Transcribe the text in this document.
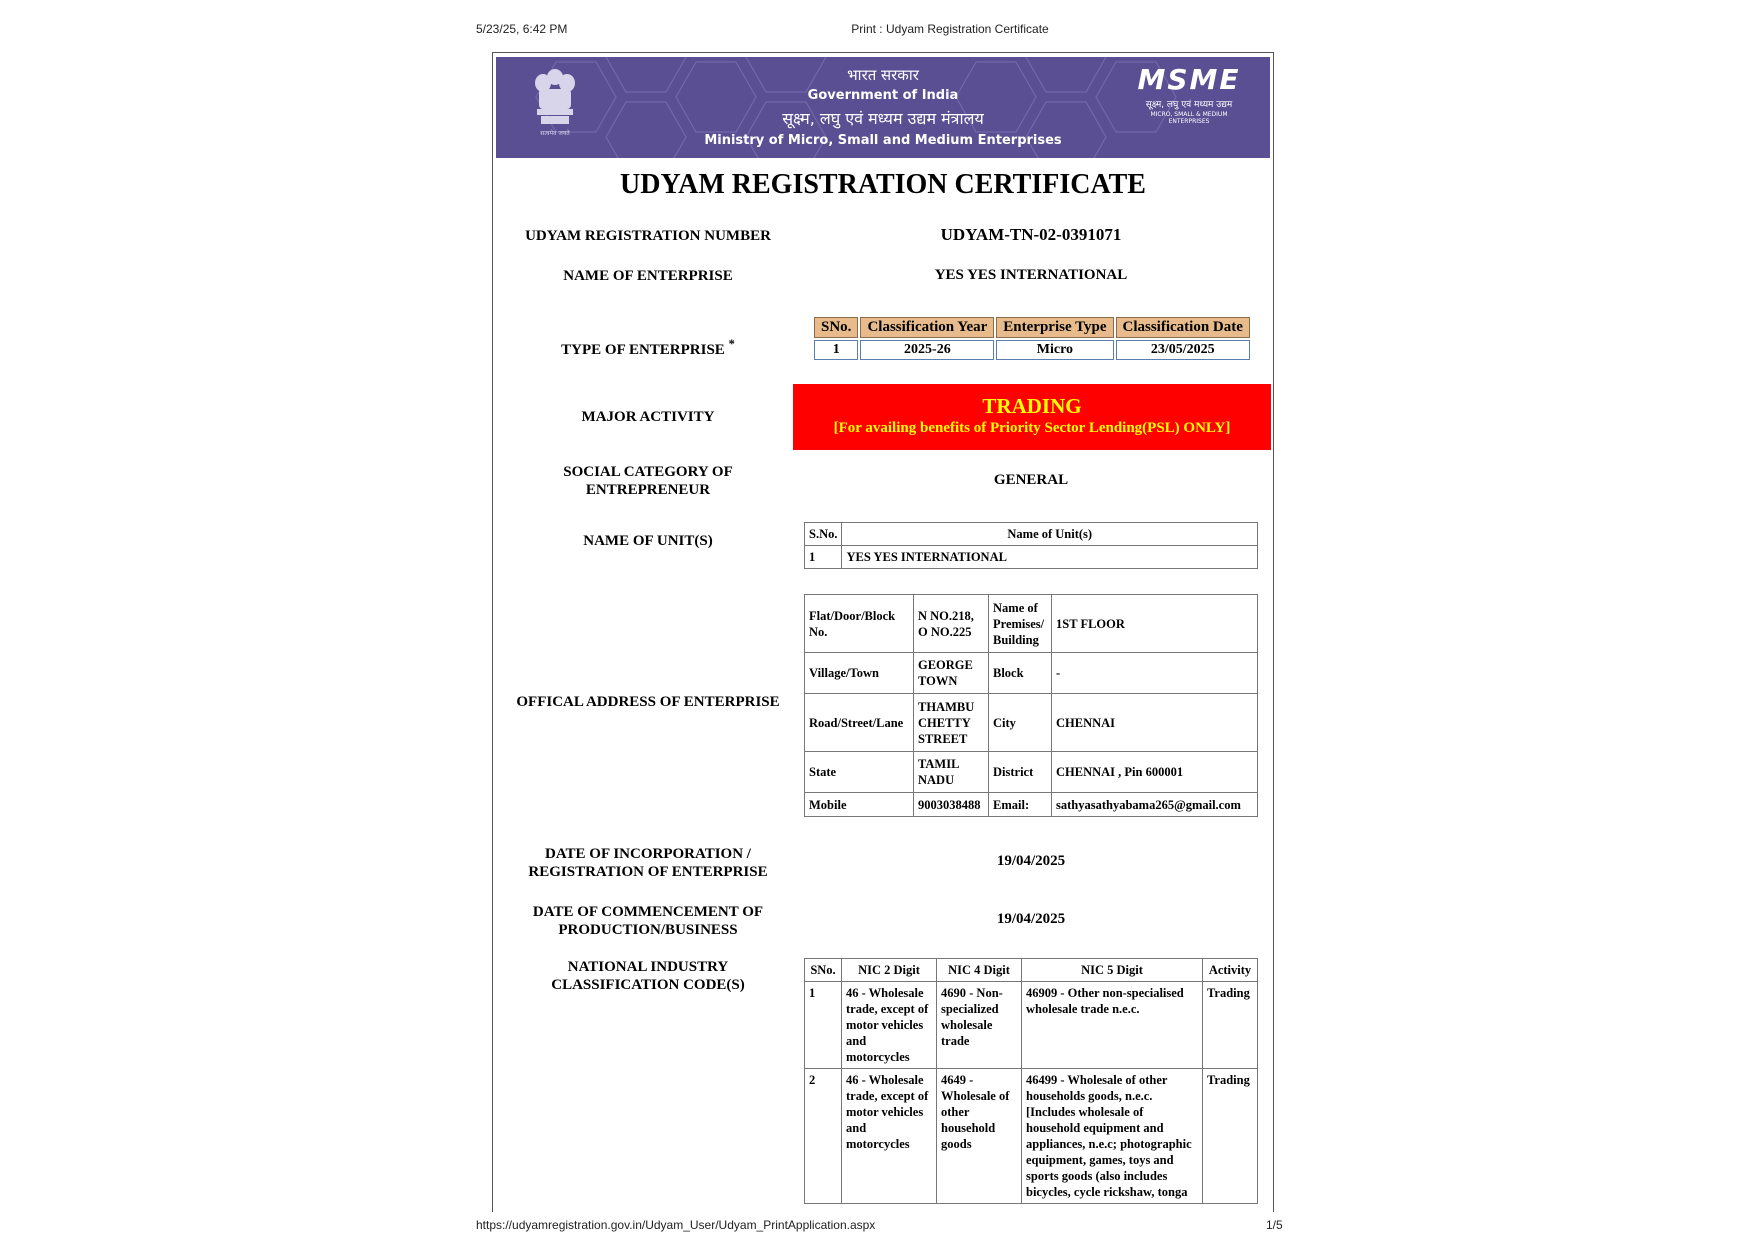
5/23/25, 6:42 PM	Print : Udyam Registration Certificate
सत्यमेव जयते
भारत सरकार
Government of India
सूक्ष्म, लघु एवं मध्यम उद्यम मंत्रालय
Ministry of Micro, Small and Medium Enterprises
MSME
सूक्ष्म, लघु एवं मध्यम उद्यम
MICRO, SMALL & MEDIUM ENTERPRISES
UDYAM REGISTRATION CERTIFICATE
UDYAM REGISTRATION NUMBER	UDYAM-TN-02-0391071
NAME OF ENTERPRISE	YES YES INTERNATIONAL
TYPE OF ENTERPRISE *
SNo.	Classification Year	Enterprise Type	Classification Date
1	2025-26	Micro	23/05/2025
MAJOR ACTIVITY	TRADING
[For availing benefits of Priority Sector Lending(PSL) ONLY]
SOCIAL CATEGORY OF
ENTREPRENEUR
GENERAL
NAME OF UNIT(S)	S.No.	Name of Unit(s)
1	YES YES INTERNATIONAL
OFFICAL ADDRESS OF ENTERPRISE
Flat/Door/Block No.	N NO.218, O NO.225	Name of Premises/ Building	1ST FLOOR
Village/Town	GEORGE TOWN	Block	-
Road/Street/Lane	THAMBU CHETTY STREET	City	CHENNAI
State	TAMIL NADU	District	CHENNAI , Pin 600001
Mobile	9003038488	Email:	sathyasathyabama265@gmail.com
DATE OF INCORPORATION /
REGISTRATION OF ENTERPRISE
19/04/2025
DATE OF COMMENCEMENT OF
PRODUCTION/BUSINESS
19/04/2025
NATIONAL INDUSTRY
CLASSIFICATION CODE(S)
SNo.	NIC 2 Digit	NIC 4 Digit	NIC 5 Digit	Activity
1	46 - Wholesale trade, except of motor vehicles and motorcycles	4690 - Non-specialized wholesale trade	46909 - Other non-specialised wholesale trade n.e.c.	Trading
2	46 - Wholesale trade, except of motor vehicles and motorcycles	4649 - Wholesale of other household goods	46499 - Wholesale of other households goods, n.e.c. [Includes wholesale of household equipment and appliances, n.e.c; photographic equipment, games, toys and sports goods (also includes bicycles, cycle rickshaw, tonga	Trading
https://udyamregistration.gov.in/Udyam_User/Udyam_PrintApplication.aspx	1/5
